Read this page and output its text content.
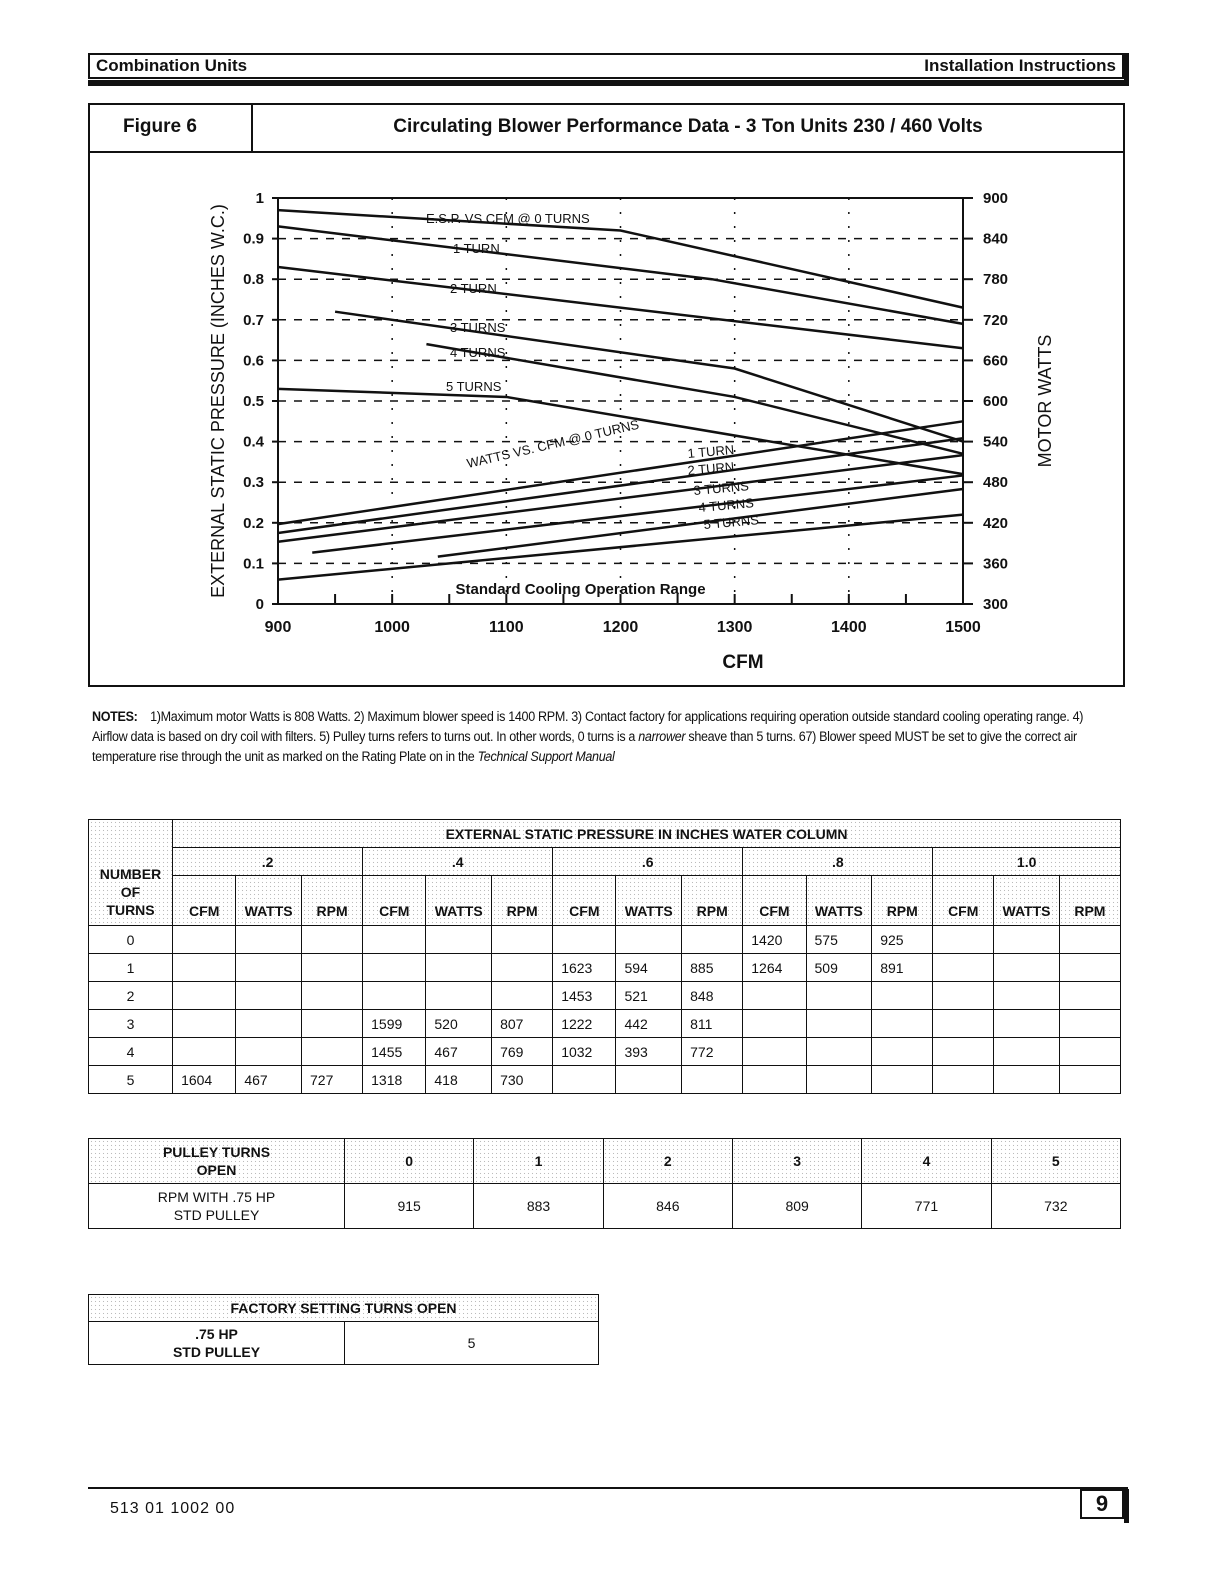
Combination Units	Installation Instructions
Figure 6	Circulating Blower Performance Data - 3 Ton Units 230 / 460 Volts
900	1000	1100	1200	1300	1400	1500
0
0.1
0.2
0.3
0.4
0.5
0.6
0.7
0.8
0.9
1
300
360
420
480
540
600
660
720
780
840
900
CFM
EXTERNAL STATIC PRESSURE (INCHES W.C.)	MOTOR WATTS
E.S.P. VS CFM @ 0 TURNS
1 TURN
2 TURN
3 TURNS
4 TURNS
5 TURNS
WATTS VS. CFM @ 0 TURNS	1 TURN
2 TURN
3 TURNS
4 TURNS
5 TURNS
Standard Cooling Operation Range
NOTES: 1)Maximum motor Watts is 808 Watts. 2) Maximum blower speed is 1400 RPM. 3) Contact factory for applications requiring operation outside standard cooling operating range. 4) Airflow data is based on dry coil with filters. 5) Pulley turns refers to turns out. In other words, 0 turns is a narrower sheave than 5 turns. 67) Blower speed MUST be set to give the correct air temperature rise through the unit as marked on the Rating Plate on in the Technical Support Manual
NUMBER OF TURNS	EXTERNAL STATIC PRESSURE IN INCHES WATER COLUMN														
	.2			.4			.6			.8			1.0		
	CFM	WATTS	RPM	CFM	WATTS	RPM	CFM	WATTS	RPM	CFM	WATTS	RPM	CFM	WATTS	RPM
0										1420	575	925			
1							1623	594	885	1264	509	891			
2							1453	521	848						
3				1599	520	807	1222	442	811						
4				1455	467	769	1032	393	772						
5	1604	467	727	1318	418	730									
PULLEY TURNS
OPEN	0	1	2	3	4	5

RPM WITH .75 HP
STD PULLEY	915	883	846	809	771	732
FACTORY SETTING TURNS OPEN

.75 HP
STD PULLEY
	5
513 01 1002 00	9
